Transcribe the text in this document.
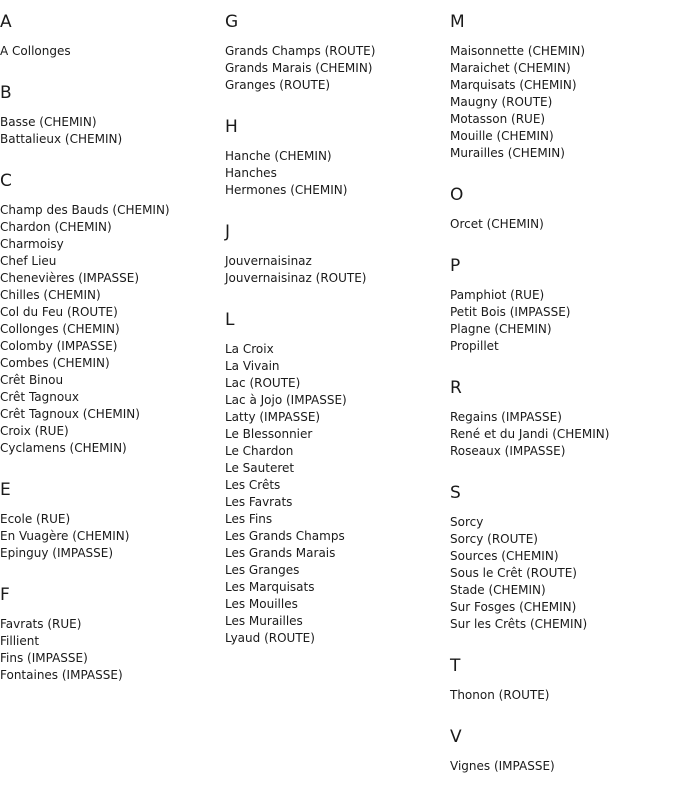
A
A Collonges
B
Basse (CHEMIN)
Battalieux (CHEMIN)
C
Champ des Bauds (CHEMIN)
Chardon (CHEMIN)
Charmoisy
Chef Lieu
Chenevières (IMPASSE)
Chilles (CHEMIN)
Col du Feu (ROUTE)
Collonges (CHEMIN)
Colomby (IMPASSE)
Combes (CHEMIN)
Crêt Binou
Crêt Tagnoux
Crêt Tagnoux (CHEMIN)
Croix (RUE)
Cyclamens (CHEMIN)
E
Ecole (RUE)
En Vuagère (CHEMIN)
Epinguy (IMPASSE)
F
Favrats (RUE)
Fillient
Fins (IMPASSE)
Fontaines (IMPASSE)
G
Grands Champs (ROUTE)
Grands Marais (CHEMIN)
Granges (ROUTE)
H
Hanche (CHEMIN)
Hanches
Hermones (CHEMIN)
J
Jouvernaisinaz
Jouvernaisinaz (ROUTE)
L
La Croix
La Vivain
Lac (ROUTE)
Lac à Jojo (IMPASSE)
Latty (IMPASSE)
Le Blessonnier
Le Chardon
Le Sauteret
Les Crêts
Les Favrats
Les Fins
Les Grands Champs
Les Grands Marais
Les Granges
Les Marquisats
Les Mouilles
Les Murailles
Lyaud (ROUTE)
M
Maisonnette (CHEMIN)
Maraichet (CHEMIN)
Marquisats (CHEMIN)
Maugny (ROUTE)
Motasson (RUE)
Mouille (CHEMIN)
Murailles (CHEMIN)
O
Orcet (CHEMIN)
P
Pamphiot (RUE)
Petit Bois (IMPASSE)
Plagne (CHEMIN)
Propillet
R
Regains (IMPASSE)
René et du Jandi (CHEMIN)
Roseaux (IMPASSE)
S
Sorcy
Sorcy (ROUTE)
Sources (CHEMIN)
Sous le Crêt (ROUTE)
Stade (CHEMIN)
Sur Fosges (CHEMIN)
Sur les Crêts (CHEMIN)
T
Thonon (ROUTE)
V
Vignes (IMPASSE)
